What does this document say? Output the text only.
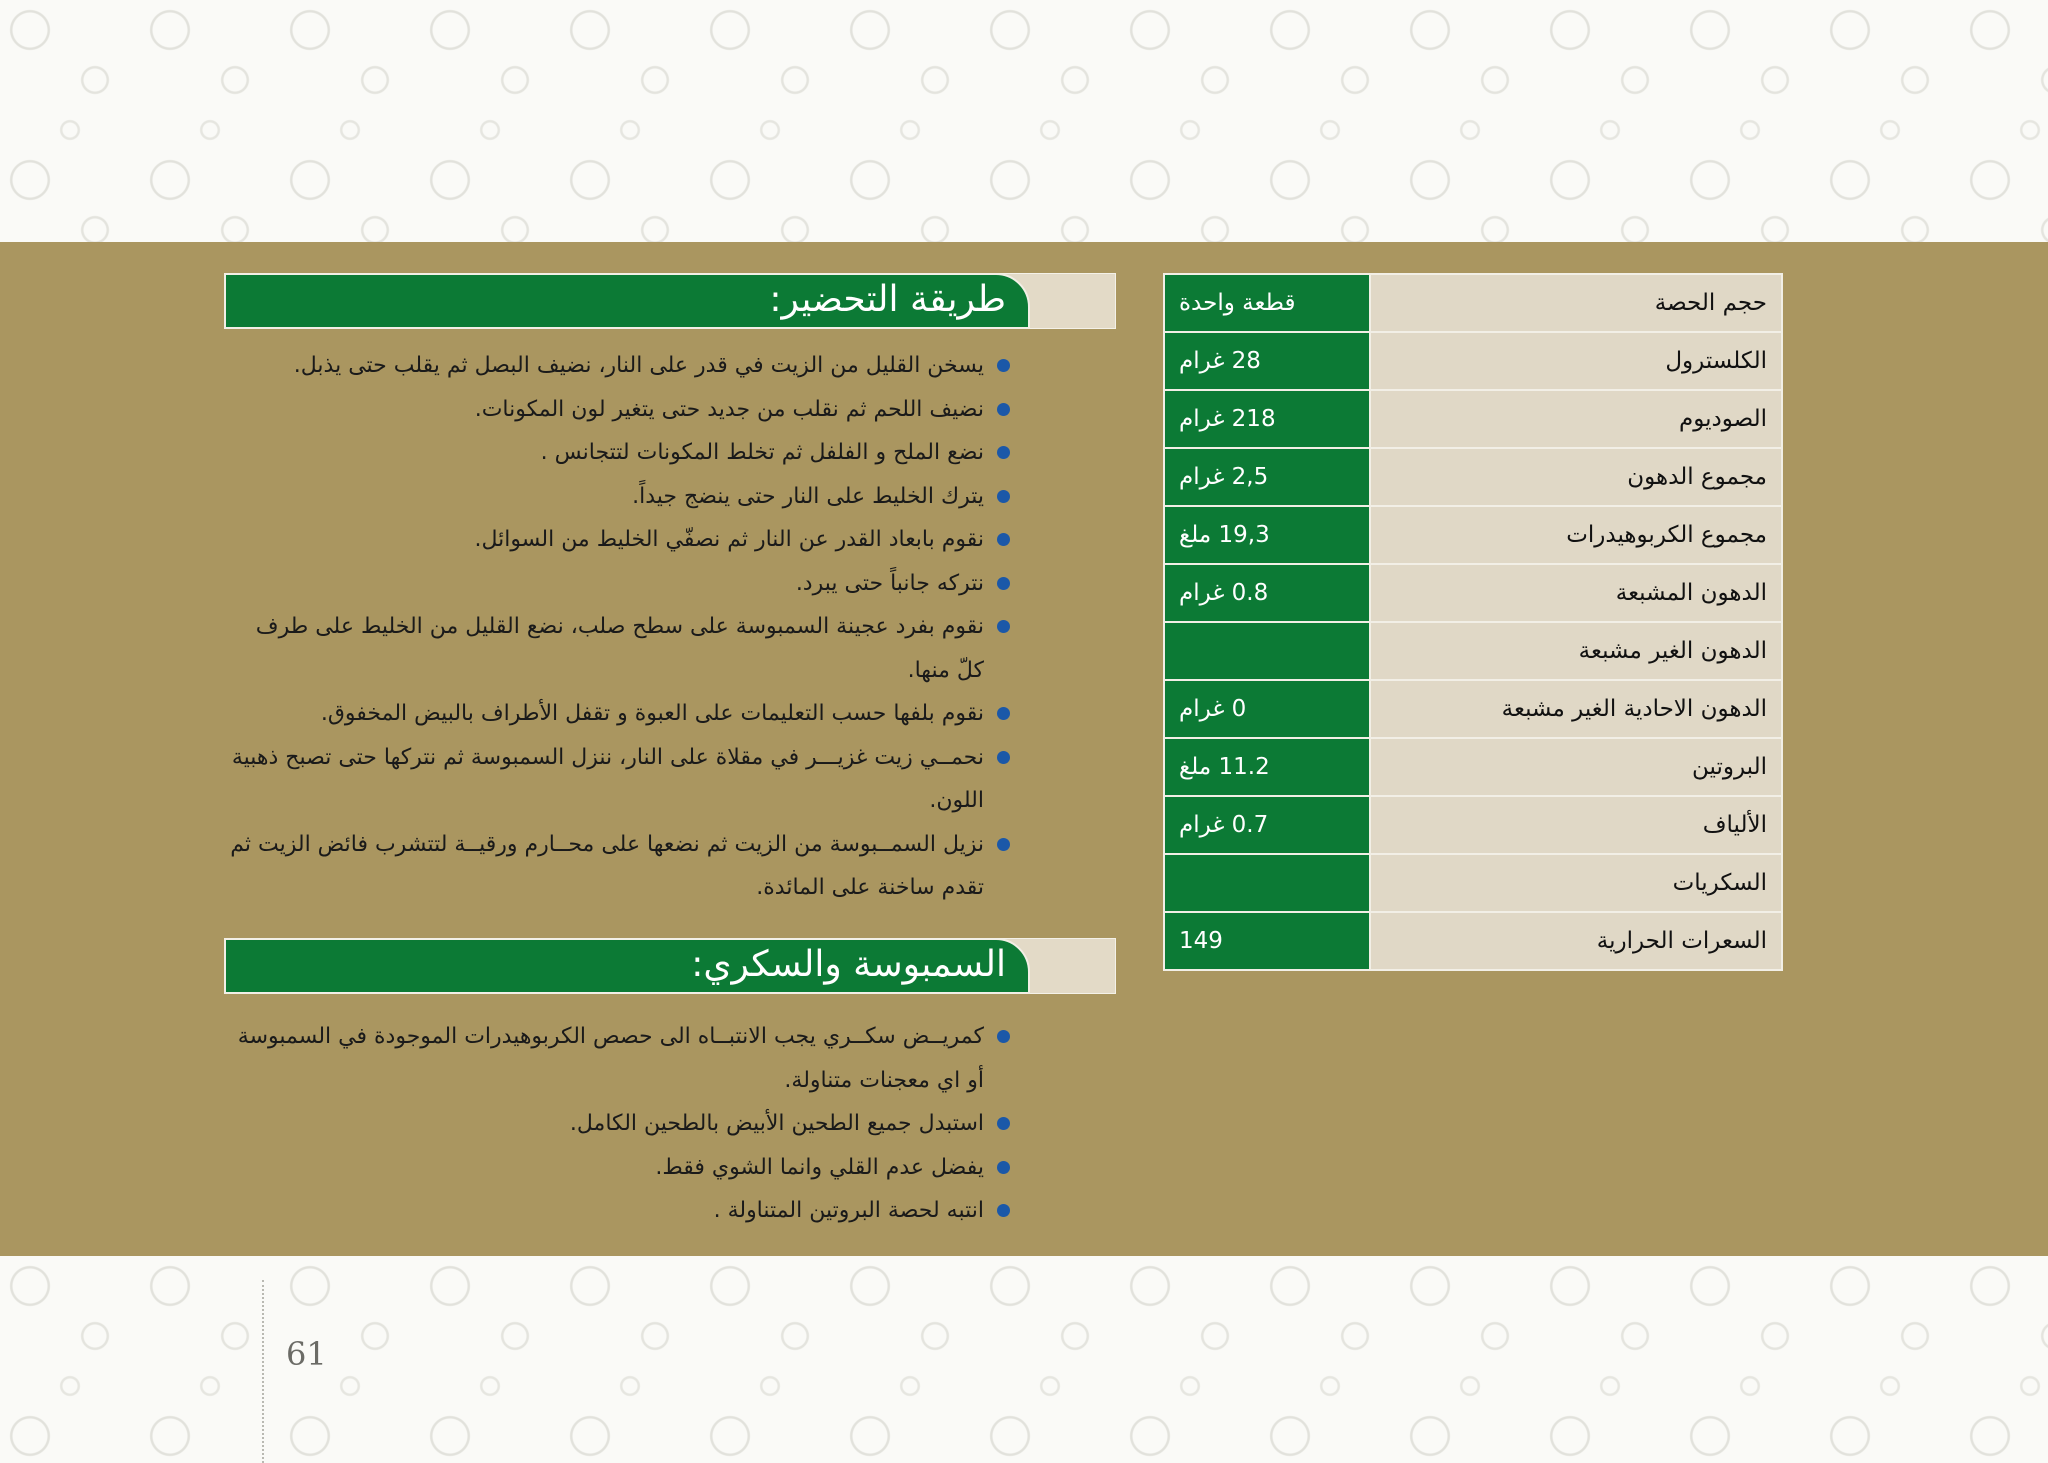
حجم الحصة	قطعة واحدة
الكلسترول	28 غرام
الصوديوم	218 غرام
مجموع الدهون	2,5 غرام
مجموع الكربوهيدرات	19,3 ملغ
الدهون المشبعة	0.8 غرام
الدهون الغير مشبعة	
الدهون الاحادية الغير مشبعة	0 غرام
البروتين	11.2 ملغ
الألياف	0.7 غرام
السكريات	
السعرات الحرارية	149
طريقة التحضير:
يسخن القليل من الزيت في قدر على النار، نضيف البصل ثم يقلب حتى يذبل.
نضيف اللحم ثم نقلب من جديد حتى يتغير لون المكونات.
نضع الملح و الفلفل ثم تخلط المكونات لتتجانس .
يترك الخليط على النار حتى ينضج جيداً.
نقوم بابعاد القدر عن النار ثم نصفّي الخليط من السوائل.
نتركه جانباً حتى يبرد.
نقوم بفرد عجينة السمبوسة على سطح صلب، نضع القليل من الخليط على طرف كلّ منها.
نقوم بلفها حسب التعليمات على العبوة و تقفل الأطراف بالبيض المخفوق.
نحمــي زيت غزيـــر في مقلاة على النار، ننزل السمبوسة ثم نتركها حتى تصبح ذهبية اللون.
نزيل السمــبوسة من الزيت ثم نضعها على محــارم ورقيــة لتتشرب فائض الزيت ثم تقدم ساخنة على المائدة.
السمبوسة والسكري:
كمريــض سكــري يجب الانتبــاه الى حصص الكربوهيدرات الموجودة في السمبوسة أو اي معجنات متناولة.
استبدل جميع الطحين الأبيض بالطحين الكامل.
يفضل عدم القلي وانما الشوي فقط.
انتبه لحصة البروتين المتناولة .
61
